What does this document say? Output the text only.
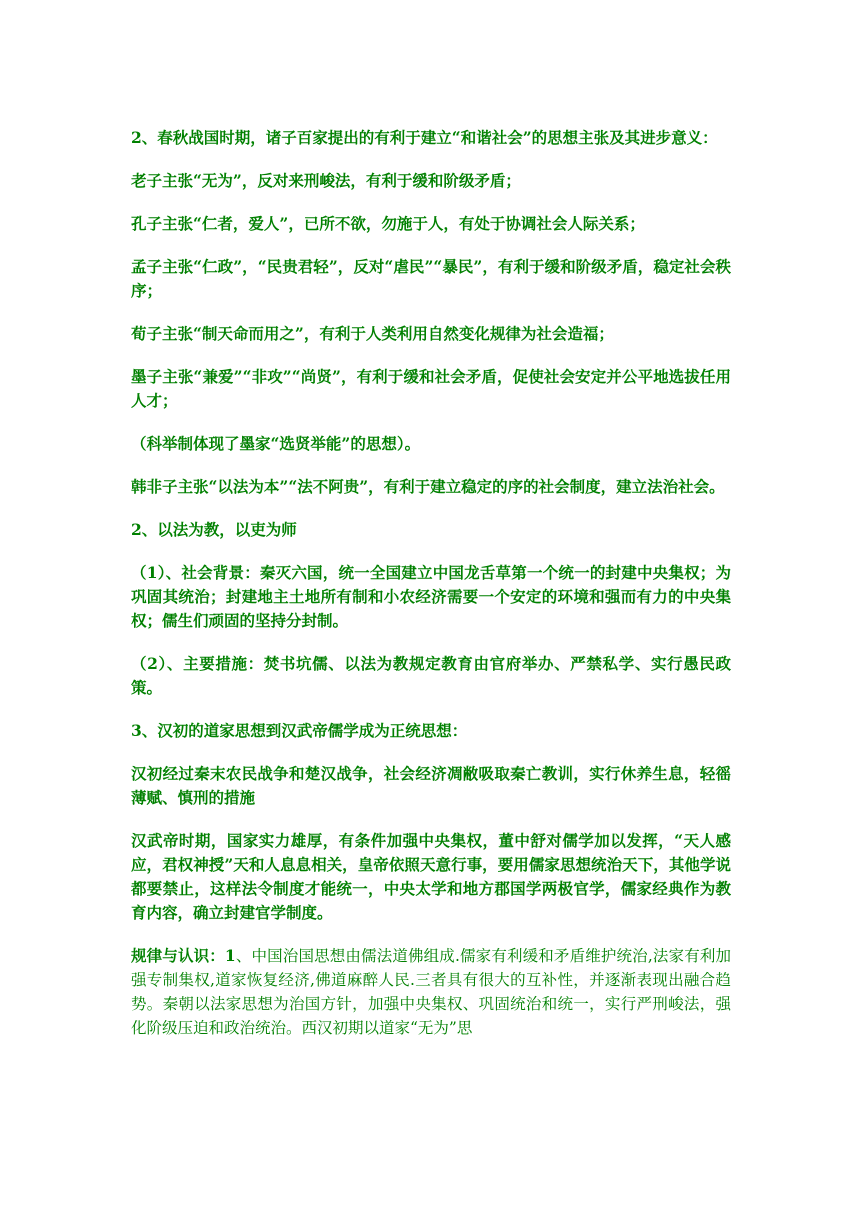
2、春秋战国时期，诸子百家提出的有利于建立“和谐社会”的思想主张及其进步意义：

老子主张“无为”，反对来刑峻法，有利于缓和阶级矛盾；

孔子主张“仁者，爱人”，已所不欲，勿施于人，有处于协调社会人际关系；

孟子主张“仁政”，“民贵君轻”，反对“虐民”“暴民”，有利于缓和阶级矛盾，稳定社会秩序；

荀子主张“制天命而用之”，有利于人类利用自然变化规律为社会造福；

墨子主张“兼爱”“非攻”“尚贤”，有利于缓和社会矛盾，促使社会安定并公平地选拔任用人才；

（科举制体现了墨家“选贤举能”的思想）。

韩非子主张“以法为本”“法不阿贵”，有利于建立稳定的序的社会制度，建立法治社会。

2、以法为教，以吏为师

（1）、社会背景：秦灭六国，统一全国建立中国龙舌草第一个统一的封建中央集权；为巩固其统治；封建地主土地所有制和小农经济需要一个安定的环境和强而有力的中央集权；儒生们顽固的坚持分封制。

（2）、主要措施：焚书坑儒、以法为教规定教育由官府举办、严禁私学、实行愚民政策。

3、汉初的道家思想到汉武帝儒学成为正统思想：

汉初经过秦末农民战争和楚汉战争，社会经济凋敝吸取秦亡教训，实行休养生息，轻徭薄赋、慎刑的措施

汉武帝时期，国家实力雄厚，有条件加强中央集权，董中舒对儒学加以发挥，“天人感应，君权神授”天和人息息相关，皇帝依照天意行事，要用儒家思想统治天下，其他学说都要禁止，这样法令制度才能统一，中央太学和地方郡国学两极官学，儒家经典作为教育内容，确立封建官学制度。

规律与认识：1、中国治国思想由儒法道佛组成.儒家有利缓和矛盾维护统治,法家有利加强专制集权,道家恢复经济,佛道麻醉人民.三者具有很大的互补性，并逐渐表现出融合趋势。秦朝以法家思想为治国方针，加强中央集权、巩固统治和统一，实行严刑峻法，强化阶级压迫和政治统治。西汉初期以道家“无为”思
